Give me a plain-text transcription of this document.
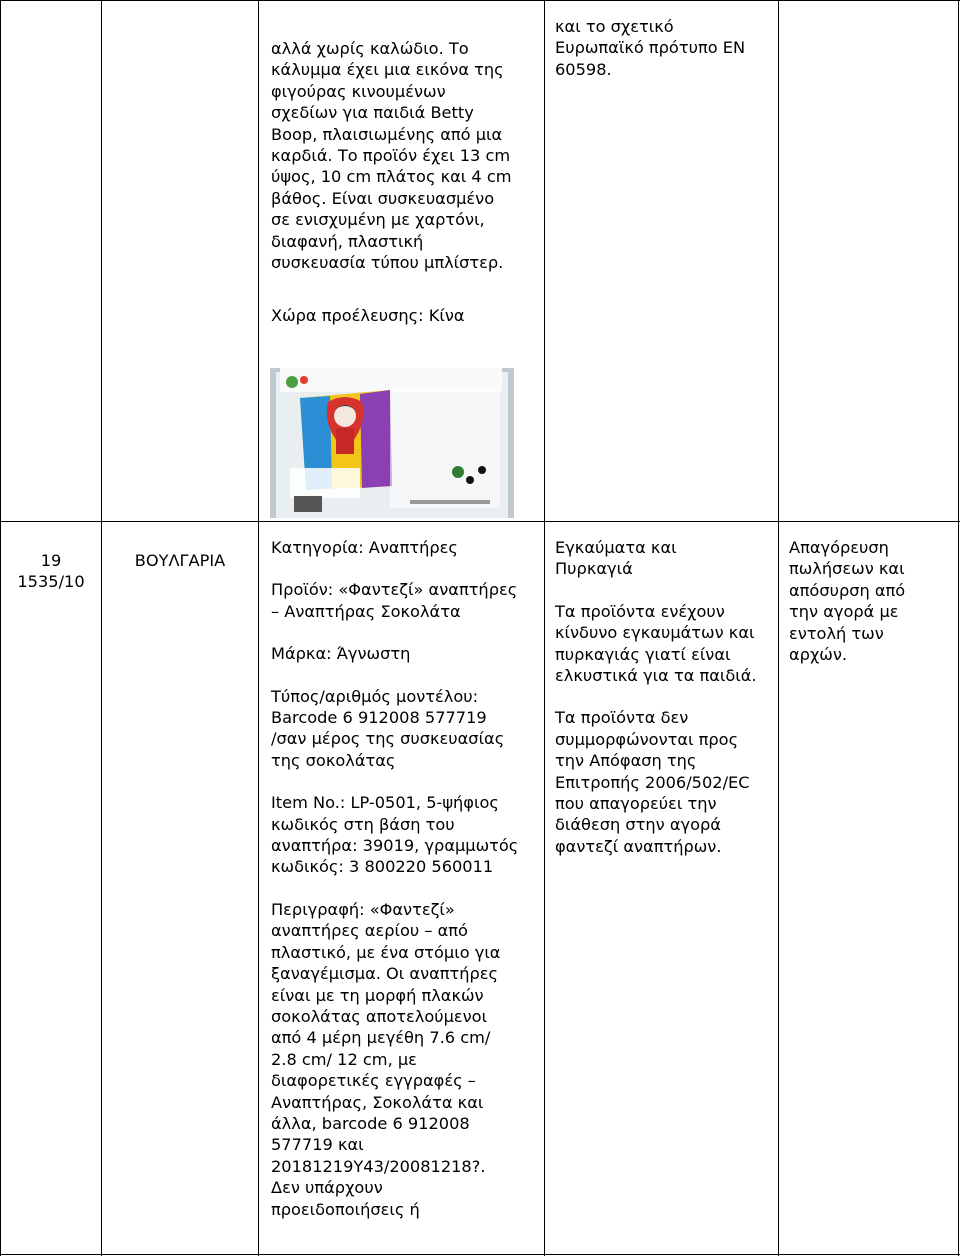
αλλά χωρίς καλώδιο. Το
κάλυμμα έχει μια εικόνα της
φιγούρας κινουμένων
σχεδίων για παιδιά Betty
Boop, πλαισιωμένης από μια
καρδιά. Το προϊόν έχει 13 cm
ύψος, 10 cm πλάτος και 4 cm
βάθος. Είναι συσκευασμένο
σε ενισχυμένη με χαρτόνι,
διαφανή, πλαστική
συσκευασία τύπου μπλίστερ.

Χώρα προέλευσης: Κίνα

και το σχετικό
Ευρωπαϊκό πρότυπο ΕΝ
60598.

19

1535/10

ΒΟΥΛΓΑΡΙΑ

Κατηγορία: Αναπτήρες

Προϊόν: «Φαντεζί» αναπτήρες
– Αναπτήρας Σοκολάτα

Μάρκα: Άγνωστη

Τύπος/αριθμός μοντέλου:
Barcode 6 912008 577719
/σαν μέρος της συσκευασίας
της σοκολάτας

Item No.: LP-0501, 5-ψήφιος
κωδικός στη βάση του
αναπτήρα: 39019, γραμμωτός
κωδικός: 3 800220 560011

Περιγραφή: «Φαντεζί»
αναπτήρες αερίου – από
πλαστικό, με ένα στόμιο για
ξαναγέμισμα. Οι αναπτήρες
είναι με τη μορφή πλακών
σοκολάτας αποτελούμενοι
από 4 μέρη μεγέθη 7.6 cm/
2.8 cm/ 12 cm, με
διαφορετικές εγγραφές –
Αναπτήρας, Σοκολάτα και
άλλα, barcode 6 912008
577719 και
20181219Y43/20081218?.
Δεν υπάρχουν
προειδοποιήσεις ή

Εγκαύματα και
Πυρκαγιά

Τα προϊόντα ενέχουν
κίνδυνο εγκαυμάτων και
πυρκαγιάς γιατί είναι
ελκυστικά για τα παιδιά.

Τα προϊόντα δεν
συμμορφώνονται προς
την Απόφαση της
Επιτροπής 2006/502/EC
που απαγορεύει την
διάθεση στην αγορά
φαντεζί αναπτήρων.

Απαγόρευση
πωλήσεων και
απόσυρση από
την αγορά με
εντολή των
αρχών.
